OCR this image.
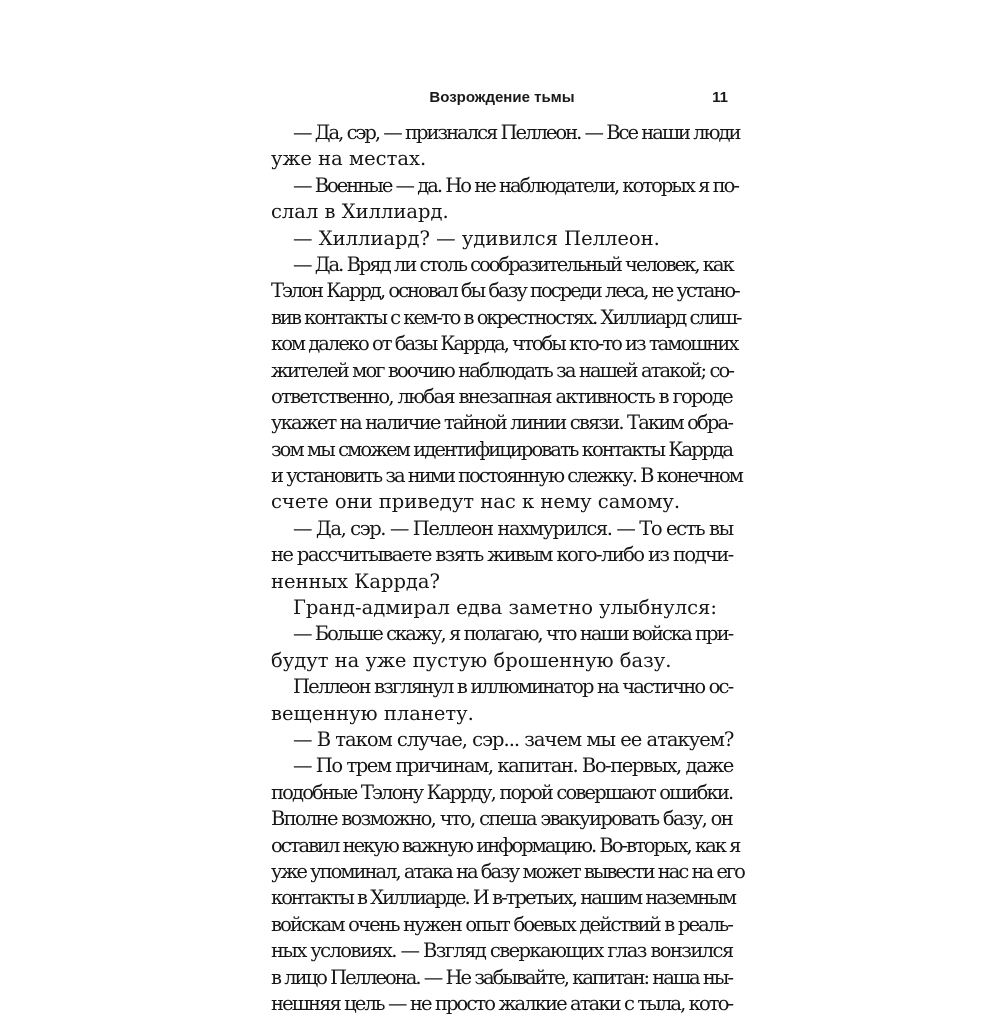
Возрождение тьмы	11
— Да, сэр, — признался Пеллеон. — Все наши люди
уже на местах.
— Военные — да. Но не наблюдатели, которых я по-
слал в Хиллиард.
— Хиллиард? — удивился Пеллеон.
— Да. Вряд ли столь сообразительный человек, как
Тэлон Каррд, основал бы базу посреди леса, не устано-
вив контакты с кем-то в окрестностях. Хиллиард слиш-
ком далеко от базы Каррда, чтобы кто-то из тамошних
жителей мог воочию наблюдать за нашей атакой; со-
ответственно, любая внезапная активность в городе
укажет на наличие тайной линии связи. Таким обра-
зом мы сможем идентифицировать контакты Каррда
и установить за ними постоянную слежку. В конечном
счете они приведут нас к нему самому.
— Да, сэр. — Пеллеон нахмурился. — То есть вы
не рассчитываете взять живым кого-либо из подчи-
ненных Каррда?
Гранд-адмирал едва заметно улыбнулся:
— Больше скажу, я полагаю, что наши войска при-
будут на уже пустую брошенную базу.
Пеллеон взглянул в иллюминатор на частично ос-
вещенную планету.
— В таком случае, сэр... зачем мы ее атакуем?
— По трем причинам, капитан. Во-первых, даже
подобные Тэлону Каррду, порой совершают ошибки.
Вполне возможно, что, спеша эвакуировать базу, он
оставил некую важную информацию. Во-вторых, как я
уже упоминал, атака на базу может вывести нас на его
контакты в Хиллиарде. И в-третьих, нашим наземным
войскам очень нужен опыт боевых действий в реаль-
ных условиях. — Взгляд сверкающих глаз вонзился
в лицо Пеллеона. — Не забывайте, капитан: наша ны-
нешняя цель — не просто жалкие атаки с тыла, кото-
